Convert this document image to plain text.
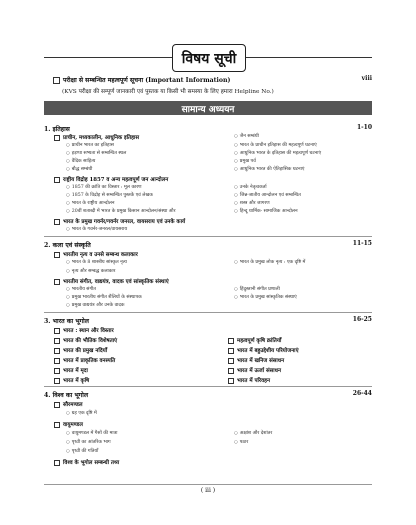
विषय सूची
परीक्षा से सम्बन्धित महत्वपूर्ण सूचना (Important Information)	viii
(KVS परीक्षा की सम्पूर्ण जानकारी एवं पुस्तक या किसी भी समस्या के लिए हमारा Helpline No.)
सामान्य अध्ययन
1. इतिहास	1-10
प्राचीन, मध्यकालीन, आधुनिक इतिहास
○ प्राचीन भारत का इतिहास
○ हड़प्पा सभ्यता से सम्बन्धित स्थल
○ वैदिक साहित्य
○ बौद्ध सम्बंधी
○ जैन सम्बंधी
○ भारत के प्राचीन इतिहास की महत्वपूर्ण घटनाएं
○ आधुनिक भारत के इतिहास की महत्वपूर्ण घटनाएं
○ प्रमुख पर्व
○ आधुनिक भारत की ऐतिहासिक घटनाएं
राष्ट्रीय विद्रोह 1857 व अन्य महत्वपूर्ण जन आन्दोलन
○ 1857 की क्रांति का विस्तार : मूल कारण
○ 1857 के विद्रोह से सम्बन्धित पुस्तकें एवं लेखक
○ भारत के राष्ट्रीय आन्दोलन
○ 20वीं शताब्दी में भारत के प्रमुख किसान आन्दोलन/संस्था और
○ उनके नेतृत्वकर्ता
○ जिन्न-जातीय आन्दोलन एवं सम्बन्धित
○ शस्त्र और जागरण
○ हिन्दू धार्मिक- सामाजिक आन्दोलन
भारत के प्रमुख गवर्नर/गवर्नर जनरल, वायसराय एवं उनके कार्य
○ भारत के गवर्नर-जनरल/वायसराय
2. कला एवं संस्कृति	11-15
भारतीय नृत्य व उनसे सम्बन्ध कलाकार
○ भारत के 8 शास्त्रीय सांस्कृत नृत्य
○ नृत्य और सम्बद्ध कलाकार
○ भारत के प्रमुख लोक नृत्य : एक दृष्टि में
भारतीय संगीत, वाद्ययंत्र, वादक एवं सांस्कृतिक संस्थाएं
○ भारतीय संगीत
○ प्रमुख भारतीय संगीत शैलियों के संस्थापक
○ प्रमुख वाद्ययंत्र और उनके वादक
○ हिंदुस्तानी संगीत प्रणाली
○ भारत के प्रमुख सांस्कृतिक संस्थाएं
3. भारत का भूगोल	16-25
भारत : स्थान और विस्तार
भारत की भौतिक विशेषताएं
भारत की प्रमुख नदियाँ
भारत में प्राकृतिक वनस्पति
भारत में मृदा
भारत में कृषि
महत्वपूर्ण कृषि क्रांतियाँ
भारत में बहुउद्देशीय परियोजनाएं
भारत में खनिज संसाधन
भारत में ऊर्जा संसाधन
भारत में परिवहन
4. विश्व का भूगोल	26-44
सौरमण्डल
○ ग्रह एक दृष्टि में
वायुमण्डल
○ वायुमण्डल में गैसों की मात्रा
○ पृथ्वी का आंतरिक भाग
○ पृथ्वी की गतियाँ
○ अक्षांश और देशांतर
○ पठार
विश्व के भूगोल सम्बन्धी तथ्य
( iii )
